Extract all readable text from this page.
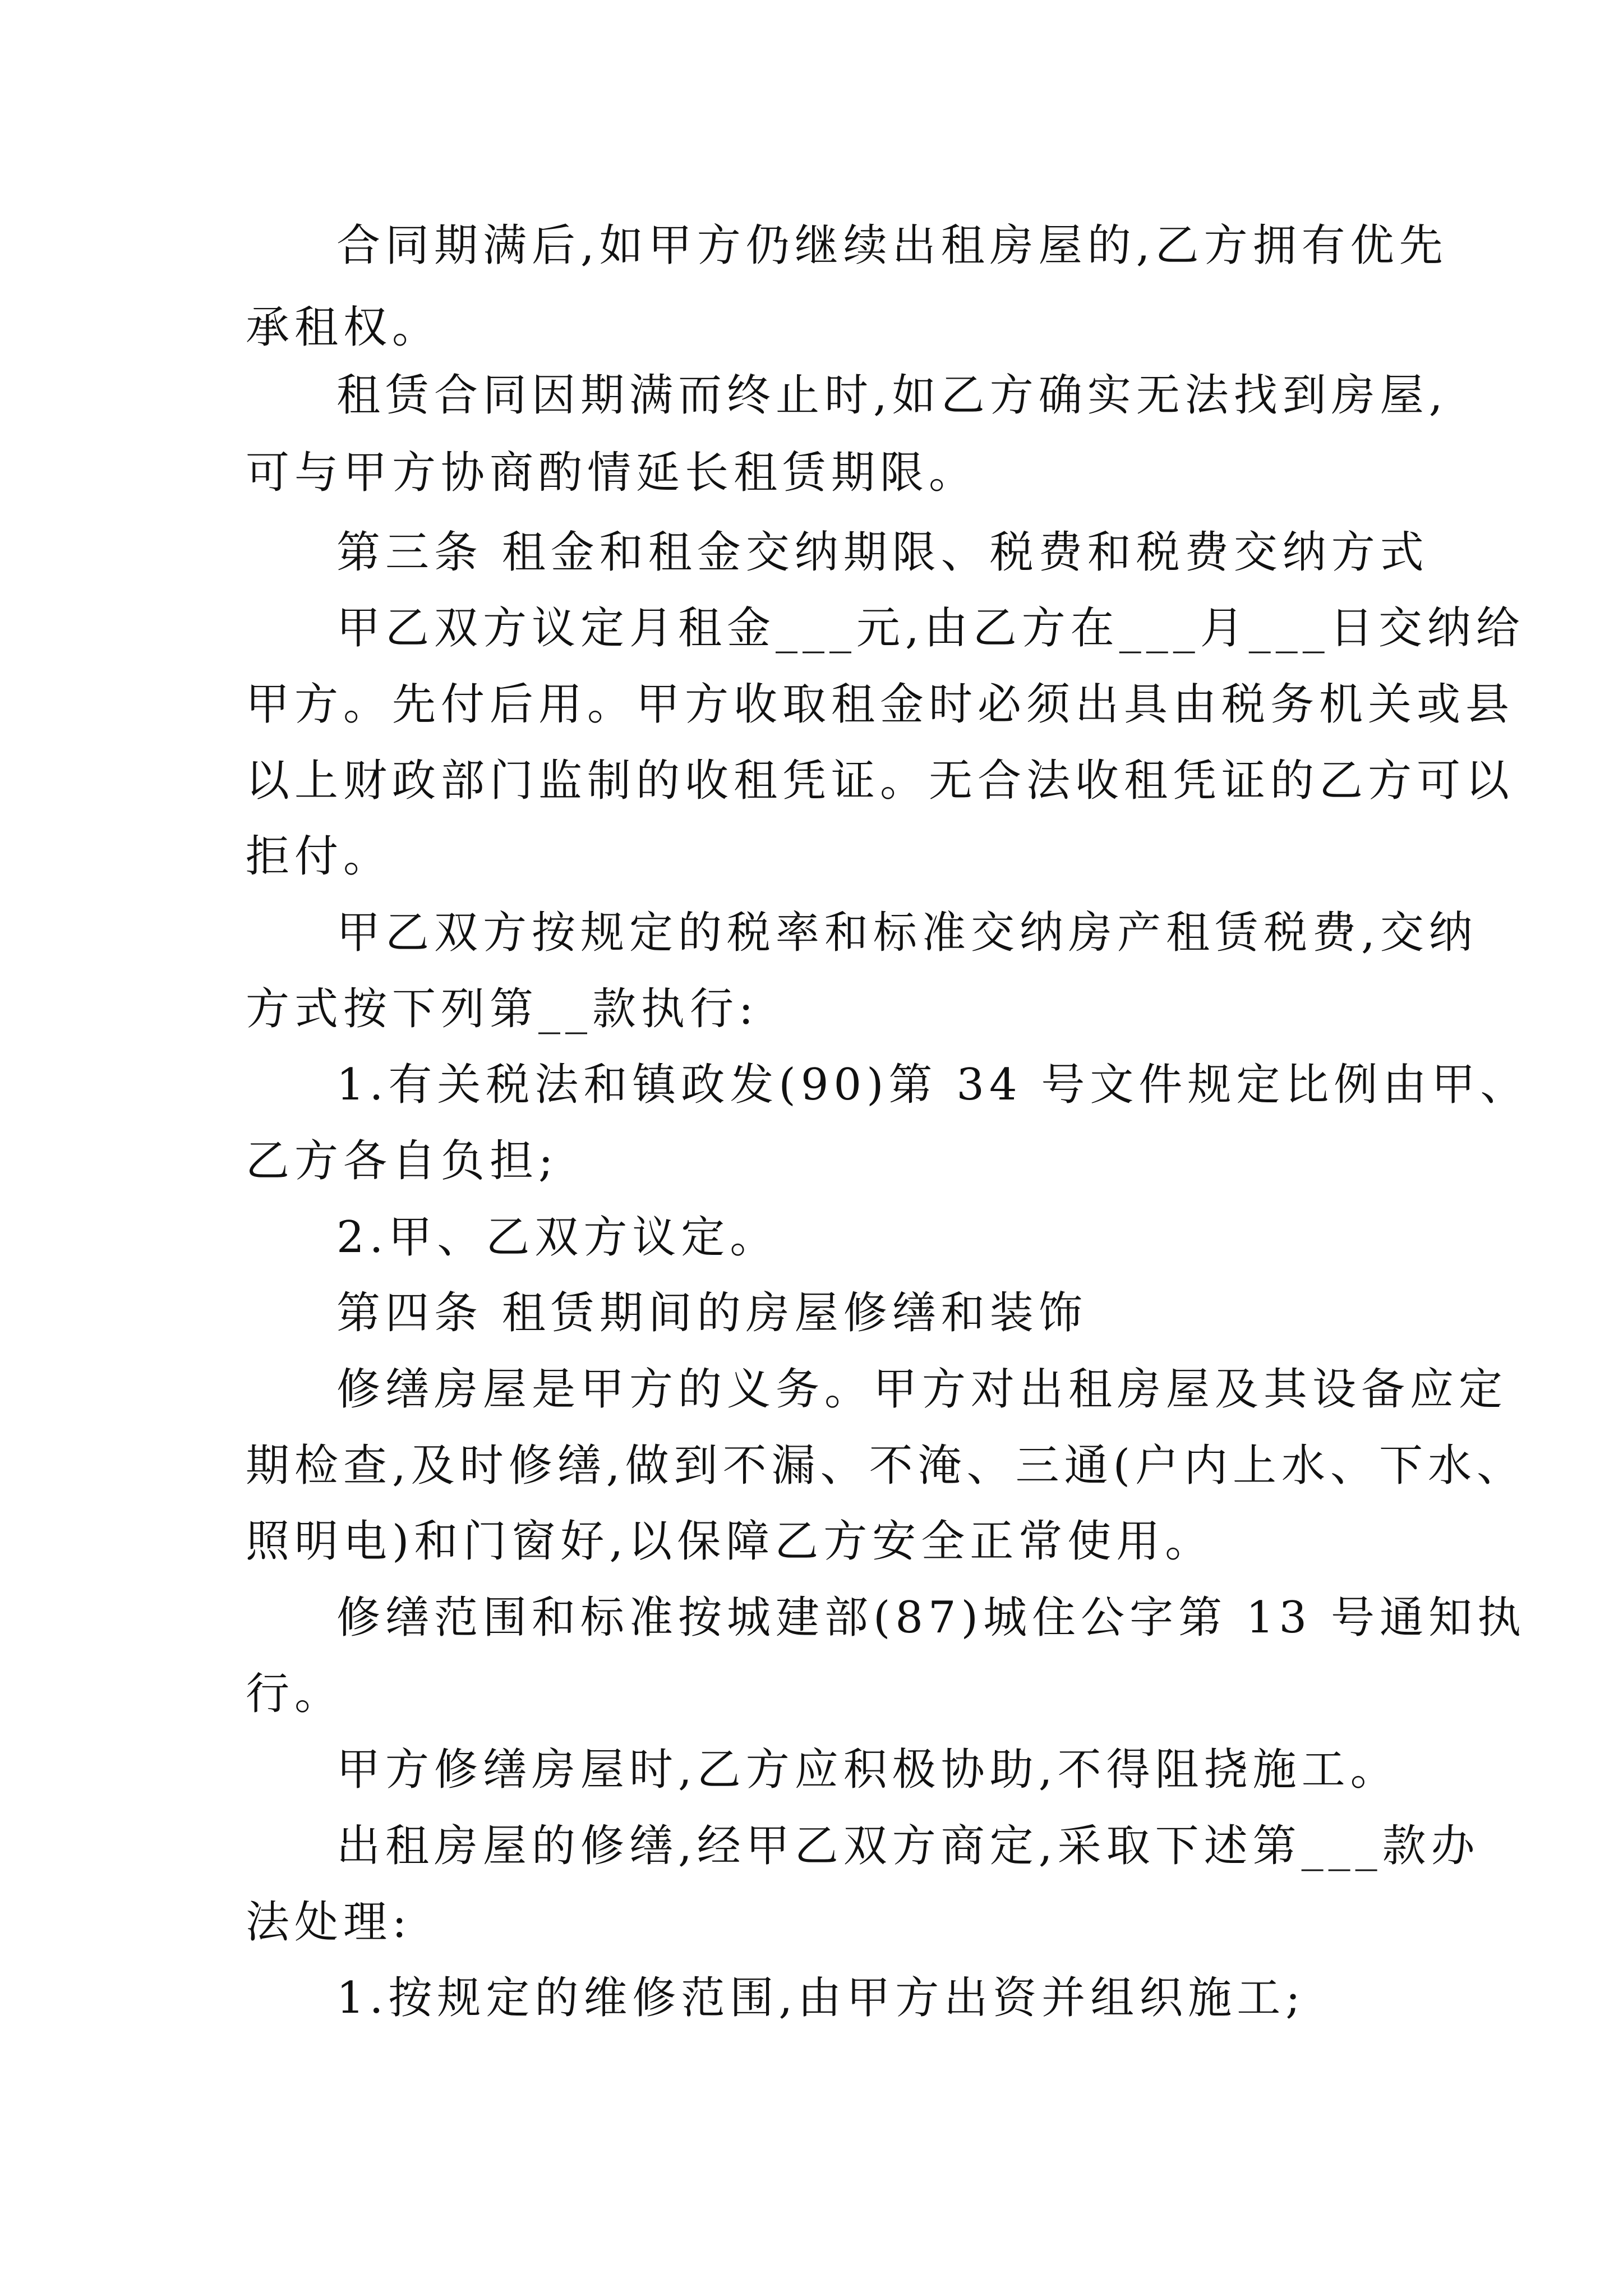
合同期满后,如甲方仍继续出租房屋的,乙方拥有优先

承租权。

租赁合同因期满而终止时,如乙方确实无法找到房屋,

可与甲方协商酌情延长租赁期限。

第三条 租金和租金交纳期限、税费和税费交纳方式

甲乙双方议定月租金___元,由乙方在___月___日交纳给

甲方。先付后用。甲方收取租金时必须出具由税务机关或县

以上财政部门监制的收租凭证。无合法收租凭证的乙方可以

拒付。

甲乙双方按规定的税率和标准交纳房产租赁税费,交纳

方式按下列第__款执行:

1.有关税法和镇政发(90)第 34 号文件规定比例由甲、

乙方各自负担;

2.甲、乙双方议定。

第四条 租赁期间的房屋修缮和装饰

修缮房屋是甲方的义务。甲方对出租房屋及其设备应定

期检查,及时修缮,做到不漏、不淹、三通(户内上水、下水、

照明电)和门窗好,以保障乙方安全正常使用。

修缮范围和标准按城建部(87)城住公字第 13 号通知执

行。

甲方修缮房屋时,乙方应积极协助,不得阻挠施工。

出租房屋的修缮,经甲乙双方商定,采取下述第___款办

法处理:

1.按规定的维修范围,由甲方出资并组织施工;
